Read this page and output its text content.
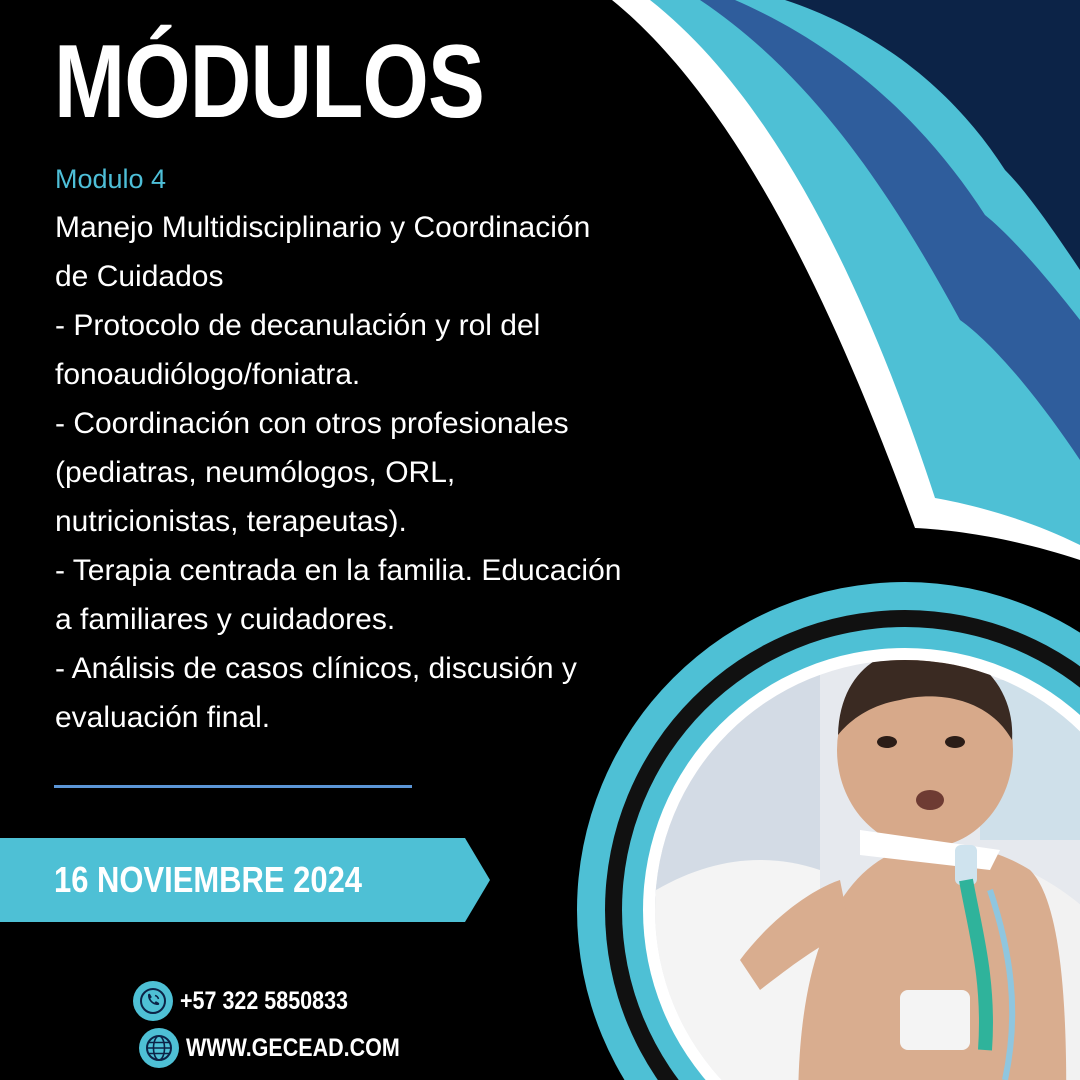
MÓDULOS

Modulo 4

Manejo Multidisciplinario y Coordinación
de Cuidados
- Protocolo de decanulación y rol del
fonoaudiólogo/foniatra.
- Coordinación con otros profesionales
(pediatras, neumólogos, ORL,
nutricionistas, terapeutas).
- Terapia centrada en la familia. Educación
a familiares y cuidadores.
- Análisis de casos clínicos, discusión y
evaluación final.

16 NOVIEMBRE 2024

+57 322 5850833

WWW.GECEAD.COM
